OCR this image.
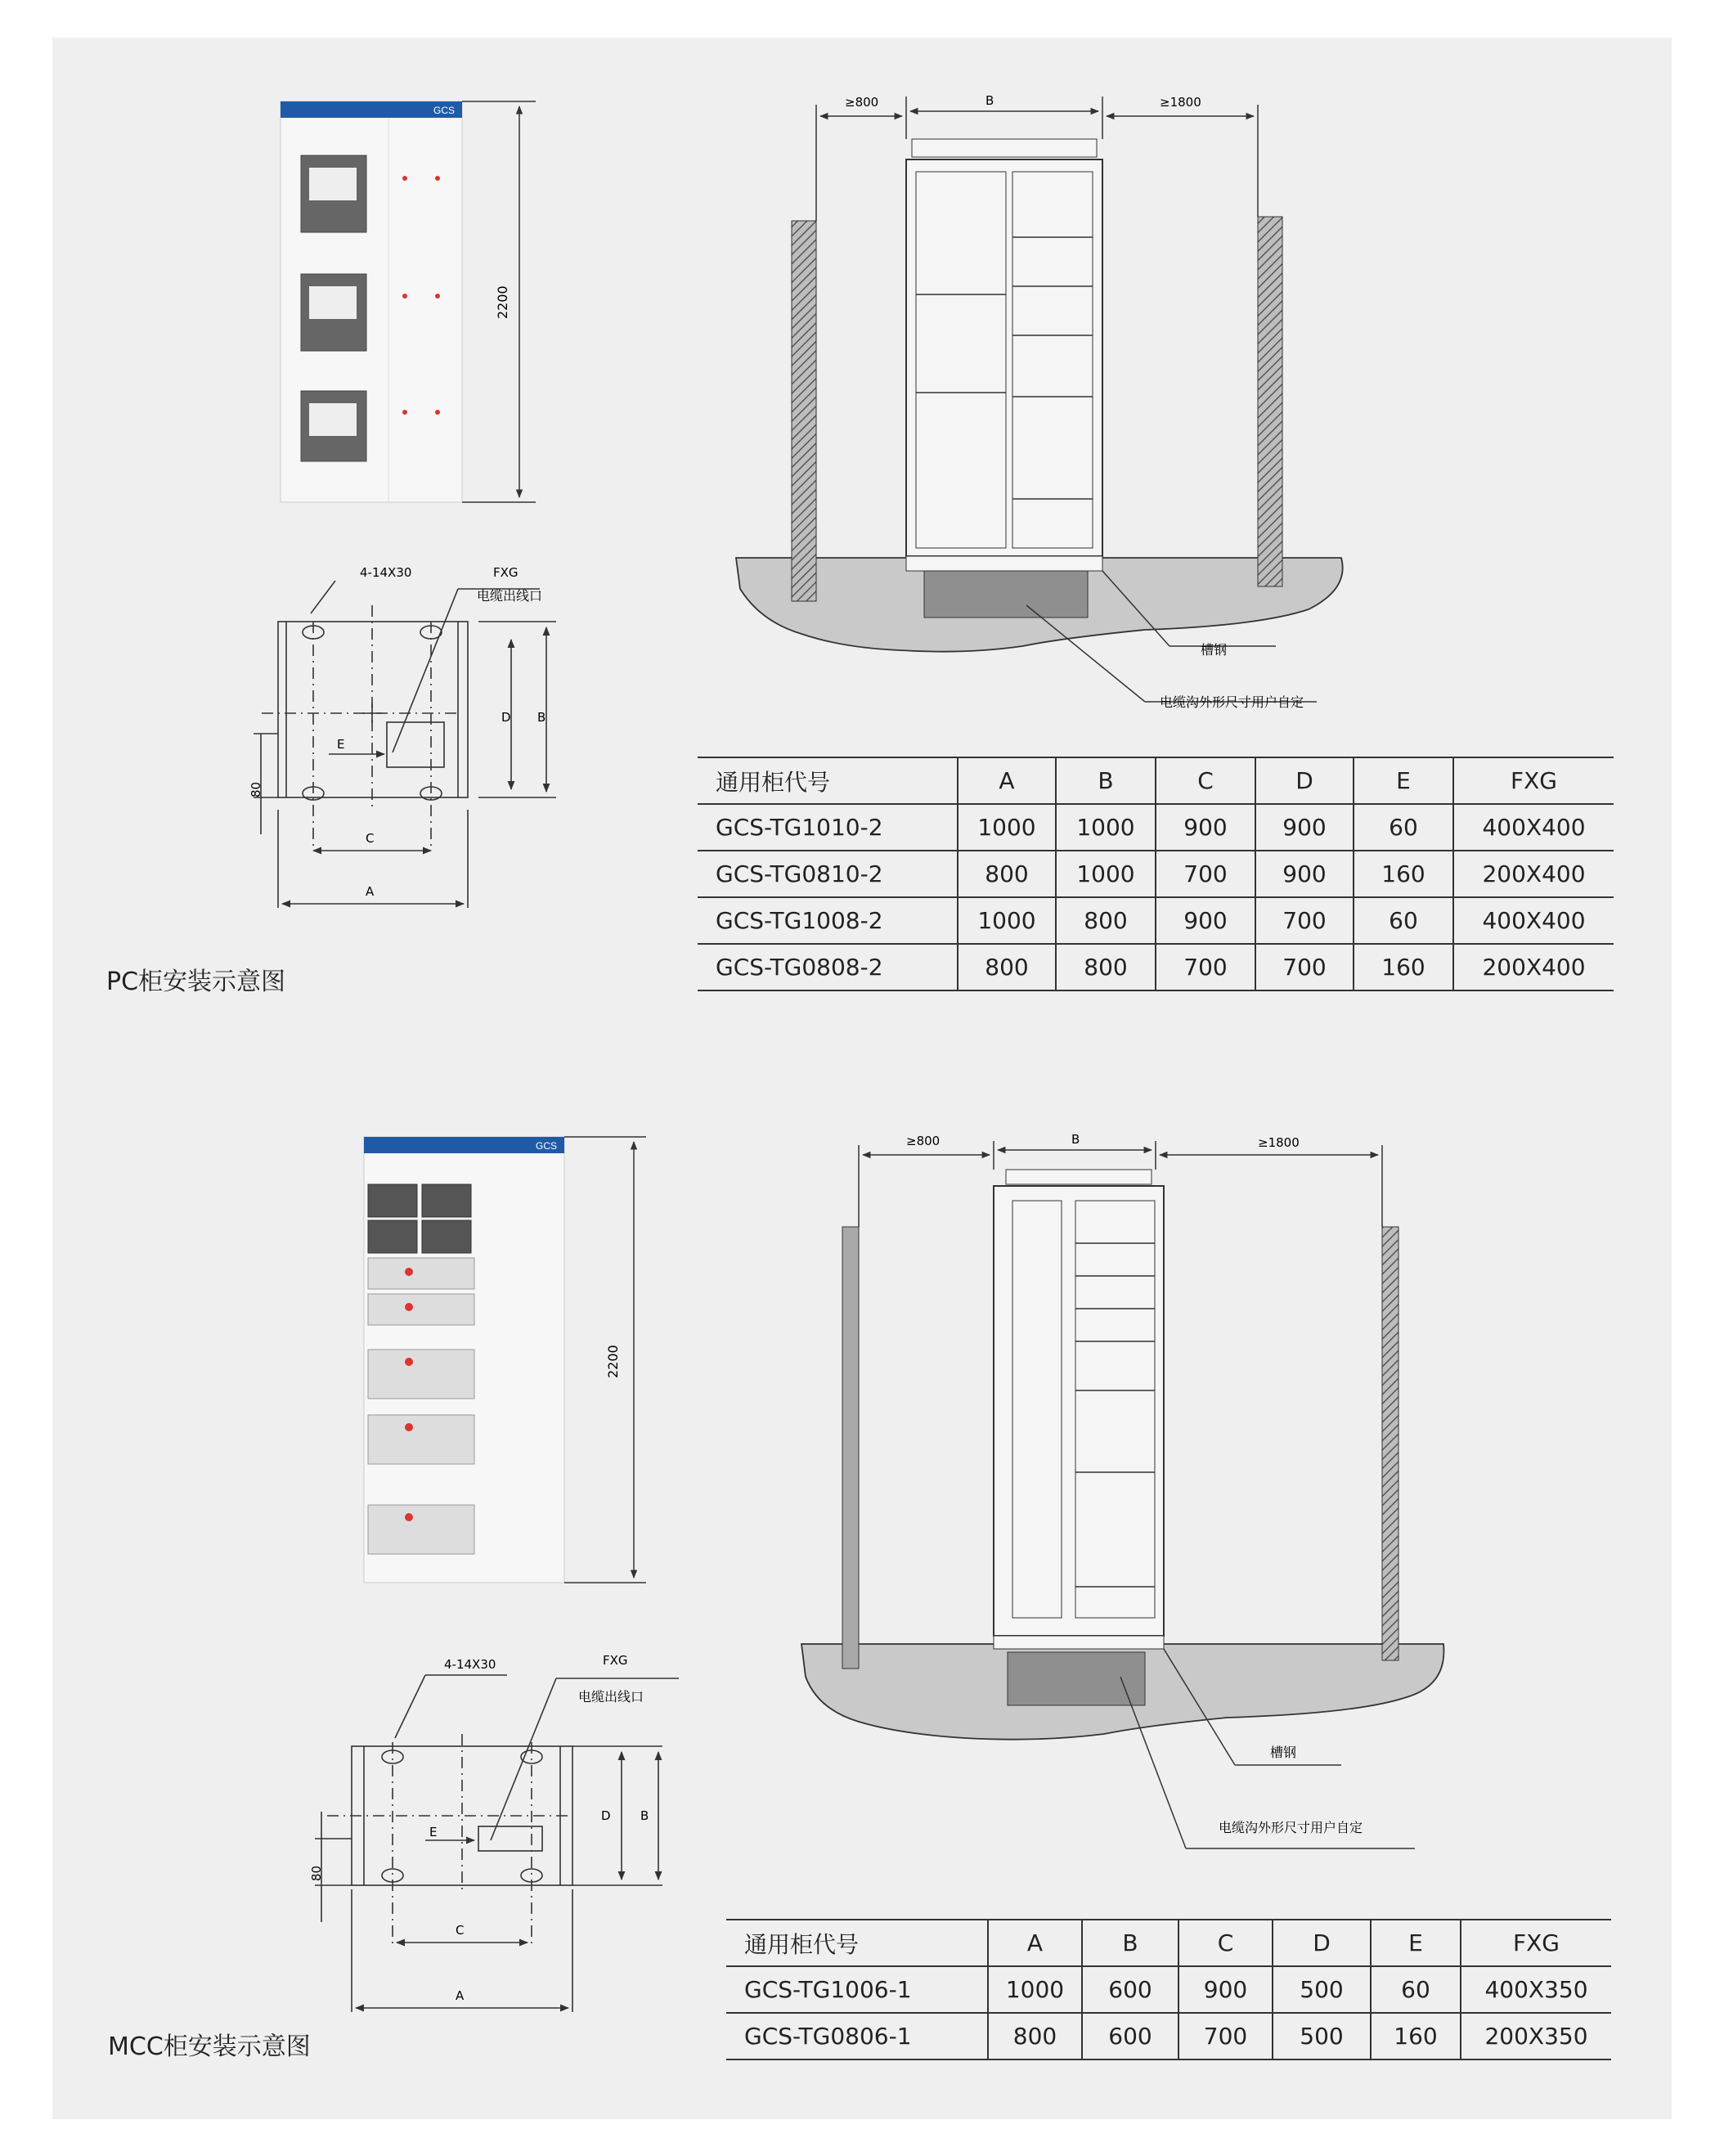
GCS
2200
4-14X30	FXG
电缆出线口
D B
E
80
C
A
≥800	B	≥1800
槽钢
电缆沟外形尺寸用户自定
GCS
2200
4-14X30	FXG
电缆出线口
D B
E
80
C
A
≥800	B	≥1800
槽钢
电缆沟外形尺寸用户自定
PC柜安装示意图
MCC柜安装示意图
通用柜代号	A	B	C	D	E	FXG
GCS-TG1010-2	1000	1000	900	900	60	400X400
GCS-TG0810-2	800	1000	700	900	160	200X400
GCS-TG1008-2	1000	800	900	700	60	400X400
GCS-TG0808-2	800	800	700	700	160	200X400
通用柜代号	A	B	C	D	E	FXG
GCS-TG1006-1	1000	600	900	500	60	400X350
GCS-TG0806-1	800	600	700	500	160	200X350
